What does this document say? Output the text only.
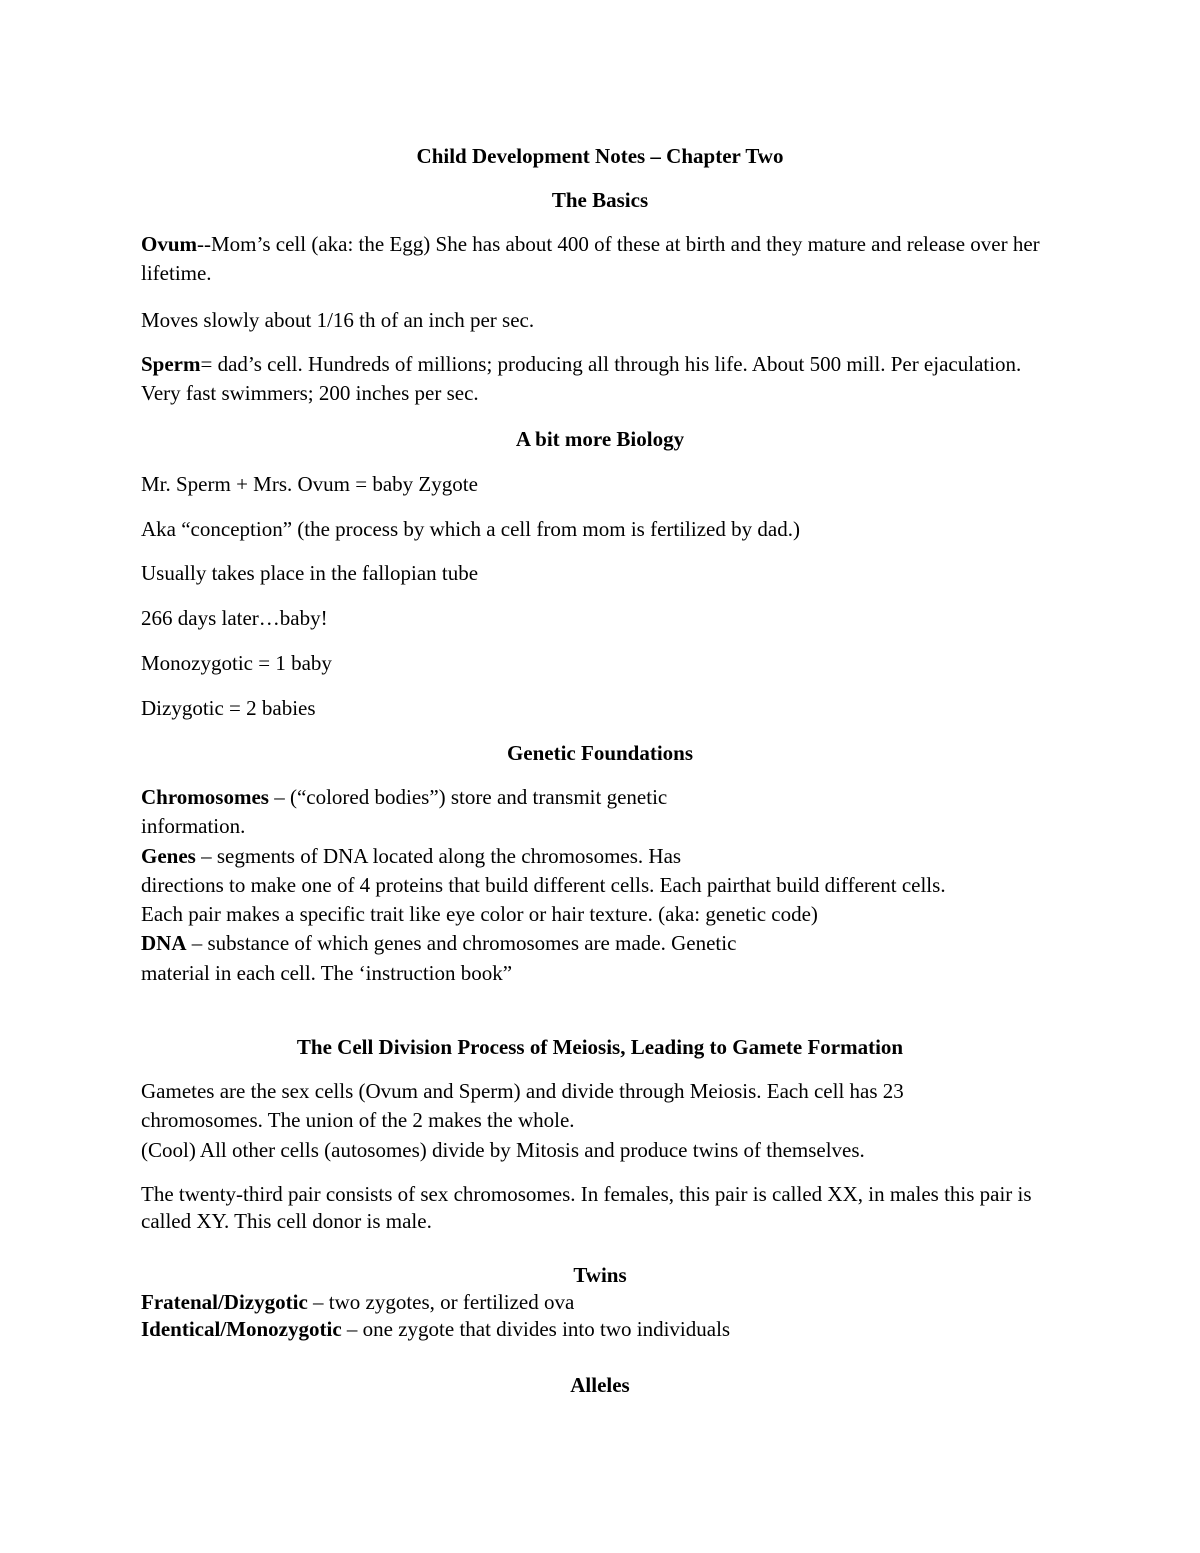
Child Development Notes – Chapter Two

The Basics

Ovum--Mom’s cell (aka: the Egg) She has about 400 of these at birth and they mature and release over her lifetime.

Moves slowly about 1/16 th of an inch per sec.

Sperm= dad’s cell. Hundreds of millions; producing all through his life. About 500 mill. Per ejaculation. Very fast swimmers; 200 inches per sec.

A bit more Biology

Mr. Sperm + Mrs. Ovum = baby Zygote

Aka “conception” (the process by which a cell from mom is fertilized by dad.)

Usually takes place in the fallopian tube

266 days later…baby!

Monozygotic = 1 baby

Dizygotic = 2 babies

Genetic Foundations

Chromosomes – (“colored bodies”) store and transmit genetic

information.

Genes – segments of DNA located along the chromosomes. Has

directions to make one of 4 proteins that build different cells. Each pairthat build different cells.

Each pair makes a specific trait like eye color or hair texture. (aka: genetic code)

DNA – substance of which genes and chromosomes are made. Genetic

material in each cell. The ‘instruction book”

The Cell Division Process of Meiosis, Leading to Gamete Formation

Gametes are the sex cells (Ovum and Sperm) and divide through Meiosis. Each cell has 23

chromosomes. The union of the 2 makes the whole.

(Cool) All other cells (autosomes) divide by Mitosis and produce twins of themselves.

The twenty-third pair consists of sex chromosomes. In females, this pair is called XX, in males this pair is called XY. This cell donor is male.

Twins

Fratenal/Dizygotic – two zygotes, or fertilized ova

Identical/Monozygotic – one zygote that divides into two individuals

Alleles
